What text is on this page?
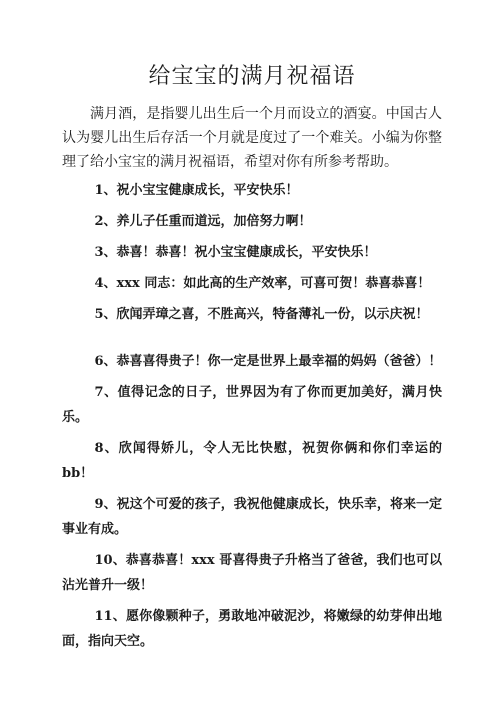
给宝宝的满月祝福语

满月酒，是指婴儿出生后一个月而设立的酒宴。中国古人认为婴儿出生后存活一个月就是度过了一个难关。小编为你整理了给小宝宝的满月祝福语，希望对你有所参考帮助。

1、祝小宝宝健康成长，平安快乐！

2、养儿子任重而道远，加倍努力啊！

3、恭喜！恭喜！祝小宝宝健康成长，平安快乐！

4、xxx 同志：如此高的生产效率，可喜可贺！恭喜恭喜！

5、欣闻弄璋之喜，不胜高兴，特备薄礼一份，以示庆祝！

6、恭喜喜得贵子！你一定是世界上最幸福的妈妈（爸爸）！

7、值得记念的日子，世界因为有了你而更加美好，满月快乐。

8、欣闻得娇儿，令人无比快慰，祝贺你俩和你们幸运的 bb！

9、祝这个可爱的孩子，我祝他健康成长，快乐幸，将来一定事业有成。

10、恭喜恭喜！xxx 哥喜得贵子升格当了爸爸，我们也可以沾光普升一级！

11、愿你像颗种子，勇敢地冲破泥沙，将嫩绿的幼芽伸出地面，指向天空。
